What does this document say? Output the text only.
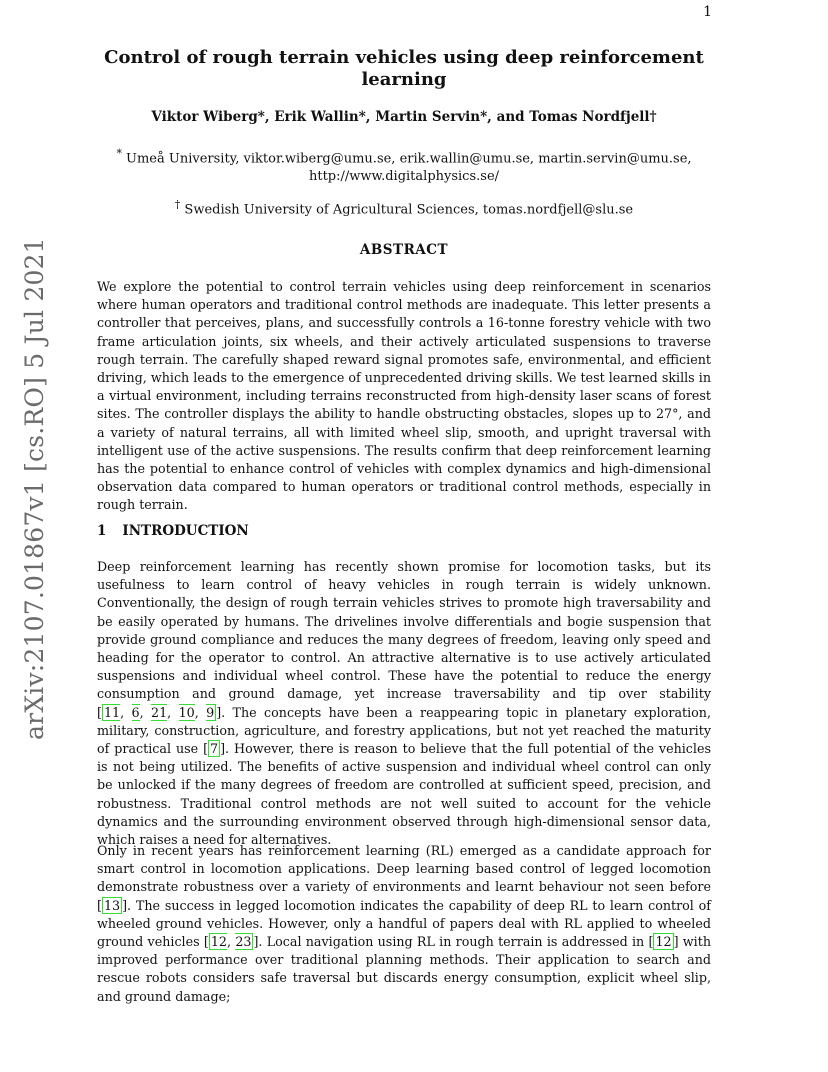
1
arXiv:2107.01867v1 [cs.RO] 5 Jul 2021
Control of rough terrain vehicles using deep reinforcement learning
Viktor Wiberg*, Erik Wallin*, Martin Servin*, and Tomas Nordfjell†
* Umeå University, viktor.wiberg@umu.se, erik.wallin@umu.se, martin.servin@umu.se,
http://www.digitalphysics.se/
† Swedish University of Agricultural Sciences, tomas.nordfjell@slu.se
ABSTRACT

We explore the potential to control terrain vehicles using deep reinforcement in scenarios where human operators and traditional control methods are inadequate. This letter presents a controller that perceives, plans, and successfully controls a 16-tonne forestry vehicle with two frame articulation joints, six wheels, and their actively articulated suspensions to traverse rough terrain. The carefully shaped reward signal promotes safe, environmental, and efficient driving, which leads to the emergence of unprecedented driving skills. We test learned skills in a virtual environment, including terrains reconstructed from high-density laser scans of forest sites. The controller displays the ability to handle obstructing obstacles, slopes up to 27°, and a variety of natural terrains, all with limited wheel slip, smooth, and upright traversal with intelligent use of the active suspensions. The results confirm that deep reinforcement learning has the potential to enhance control of vehicles with complex dynamics and high-dimensional observation data compared to human operators or traditional control methods, especially in rough terrain.

1 INTRODUCTION

Deep reinforcement learning has recently shown promise for locomotion tasks, but its usefulness to learn control of heavy vehicles in rough terrain is widely unknown. Conventionally, the design of rough terrain vehicles strives to promote high traversability and be easily operated by humans. The drivelines involve differentials and bogie suspension that provide ground compliance and reduces the many degrees of freedom, leaving only speed and heading for the operator to control. An attractive alternative is to use actively articulated suspensions and individual wheel control. These have the potential to reduce the energy consumption and ground damage, yet increase traversability and tip over stability [ 11, 6, 21, 10, 9 ]. The concepts have been a reappearing topic in planetary exploration, military, construction, agriculture, and forestry applications, but not yet reached the maturity of practical use [ 7 ]. However, there is reason to believe that the full potential of the vehicles is not being utilized. The benefits of active suspension and individual wheel control can only be unlocked if the many degrees of freedom are controlled at sufficient speed, precision, and robustness. Traditional control methods are not well suited to account for the vehicle dynamics and the surrounding environment observed through high-dimensional sensor data, which raises a need for alternatives.

Only in recent years has reinforcement learning (RL) emerged as a candidate approach for smart control in locomotion applications. Deep learning based control of legged locomotion demonstrate robustness over a variety of environments and learnt behaviour not seen before [ 13 ]. The success in legged locomotion indicates the capability of deep RL to learn control of wheeled ground vehicles. However, only a handful of papers deal with RL applied to wheeled ground vehicles [ 12, 23 ]. Local navigation using RL in rough terrain is addressed in [ 12 ] with improved performance over traditional planning methods. Their application to search and rescue robots considers safe traversal but discards energy consumption, explicit wheel slip, and ground damage;
